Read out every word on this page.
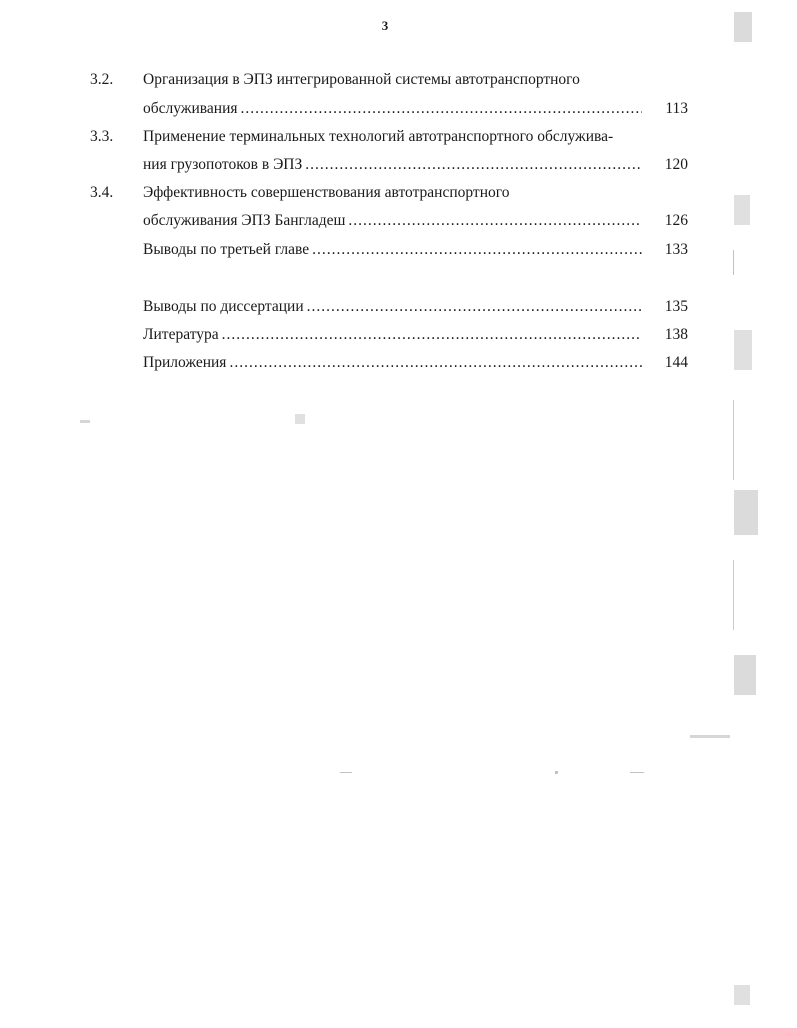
3
3.2. Организация в ЭПЗ интегрированной системы автотранспортного
обслуживания .....	113
3.3. Применение терминальных технологий автотранспортного обслужива-
ния грузопотоков в ЭПЗ .....	120
3.4. Эффективность совершенствования автотранспортного
обслуживания ЭПЗ Бангладеш .....	126
Выводы по третьей главе .....	133
Выводы по диссертации .....	135
Литература .....	138
Приложения .....	144
